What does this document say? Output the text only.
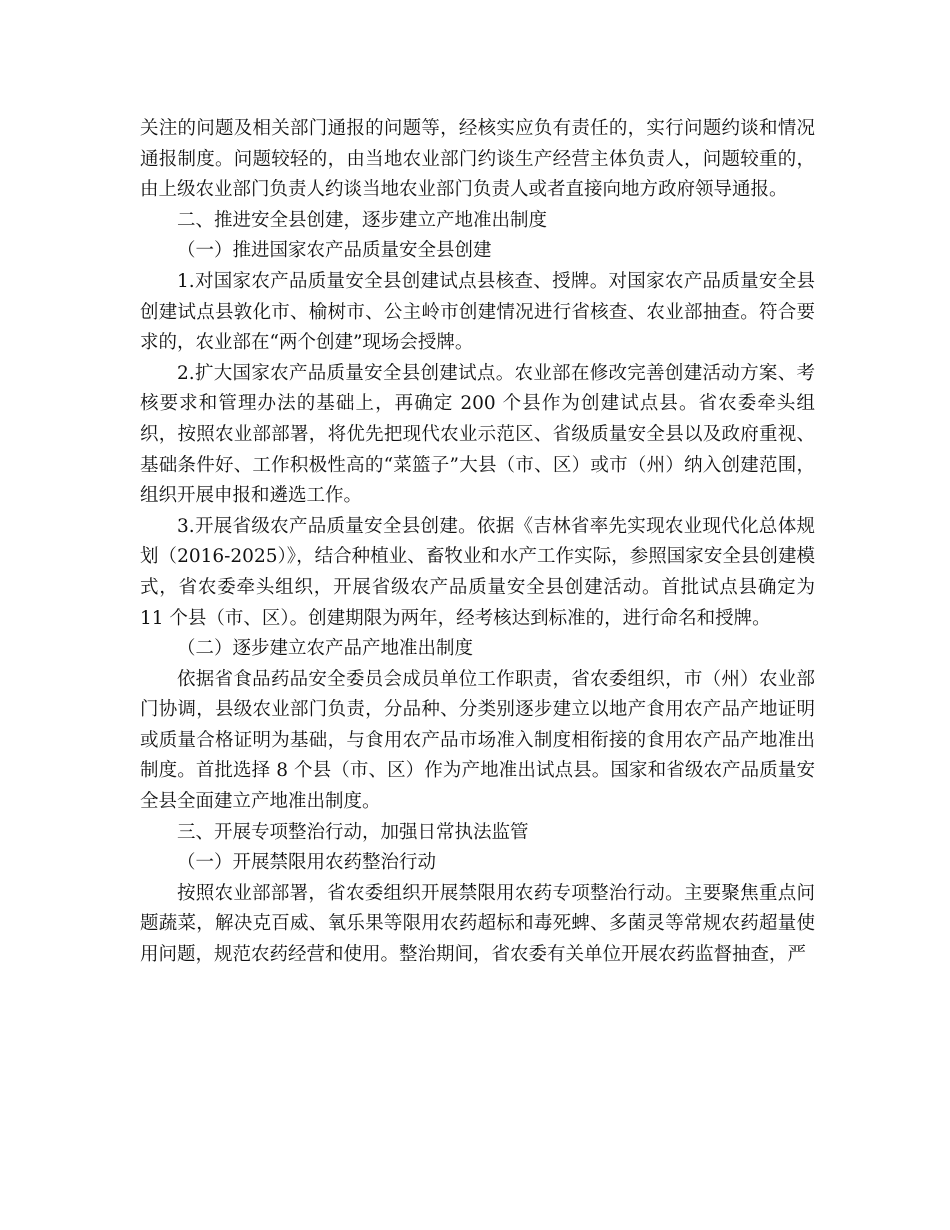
关注的问题及相关部门通报的问题等，经核实应负有责任的，实行问题约谈和情况通报制度。问题较轻的，由当地农业部门约谈生产经营主体负责人，问题较重的，由上级农业部门负责人约谈当地农业部门负责人或者直接向地方政府领导通报。

二、推进安全县创建，逐步建立产地准出制度

（一）推进国家农产品质量安全县创建

1.对国家农产品质量安全县创建试点县核查、授牌。对国家农产品质量安全县创建试点县敦化市、榆树市、公主岭市创建情况进行省核查、农业部抽查。符合要求的，农业部在“两个创建”现场会授牌。

2.扩大国家农产品质量安全县创建试点。农业部在修改完善创建活动方案、考核要求和管理办法的基础上，再确定 200 个县作为创建试点县。省农委牵头组织，按照农业部部署，将优先把现代农业示范区、省级质量安全县以及政府重视、基础条件好、工作积极性高的“菜篮子”大县（市、区）或市（州）纳入创建范围，组织开展申报和遴选工作。

3.开展省级农产品质量安全县创建。依据《吉林省率先实现农业现代化总体规划（2016-2025）》，结合种植业、畜牧业和水产工作实际，参照国家安全县创建模式，省农委牵头组织，开展省级农产品质量安全县创建活动。首批试点县确定为 11 个县（市、区）。创建期限为两年，经考核达到标准的，进行命名和授牌。

（二）逐步建立农产品产地准出制度

依据省食品药品安全委员会成员单位工作职责，省农委组织，市（州）农业部门协调，县级农业部门负责，分品种、分类别逐步建立以地产食用农产品产地证明或质量合格证明为基础，与食用农产品市场准入制度相衔接的食用农产品产地准出制度。首批选择 8 个县（市、区）作为产地准出试点县。国家和省级农产品质量安全县全面建立产地准出制度。

三、开展专项整治行动，加强日常执法监管

（一）开展禁限用农药整治行动

按照农业部部署，省农委组织开展禁限用农药专项整治行动。主要聚焦重点问题蔬菜，解决克百威、氧乐果等限用农药超标和毒死蜱、多菌灵等常规农药超量使用问题，规范农药经营和使用。整治期间，省农委有关单位开展农药监督抽查，严
